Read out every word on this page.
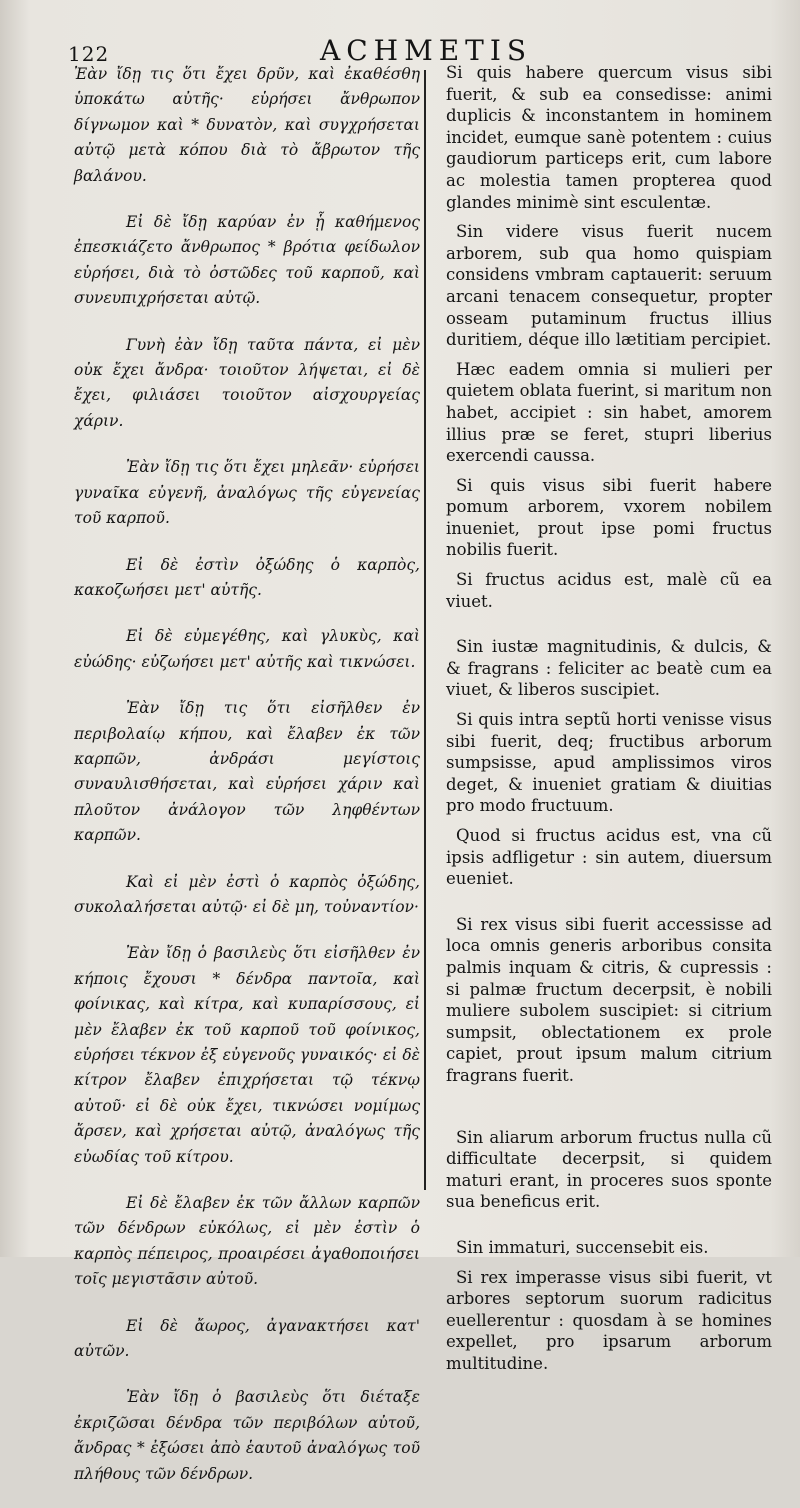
122	ACHMETIS

Ἐὰν ἴδῃ τις ὅτι ἔχει δρῦν, καὶ ἐκαθέσθη ὑποκάτω αὐτῆς· εὑρήσει ἄνθρωπον δίγνωμον καὶ * δυνατὸν, καὶ συγχρήσεται αὐτῷ μετὰ κόπου διὰ τὸ ἄβρωτον τῆς βαλάνου.

Εἰ δὲ ἴδῃ καρύαν ἐν ᾗ καθήμενος ἐπεσκιάζετο ἄνθρωπος * βρότια φείδωλον εὑρήσει, διὰ τὸ ὀστῶδες τοῦ καρποῦ, καὶ συνευπιχρήσεται αὐτῷ.

Γυνὴ ἐὰν ἴδῃ ταῦτα πάντα, εἰ μὲν οὐκ ἔχει ἄνδρα· τοιοῦτον λήψεται, εἰ δὲ ἔχει, φιλιάσει τοιοῦτον αἰσχουργείας χάριν.

Ἐὰν ἴδῃ τις ὅτι ἔχει μηλεᾶν· εὑρήσει γυναῖκα εὐγενῆ, ἀναλόγως τῆς εὐγενείας τοῦ καρποῦ.

Εἰ δὲ ἐστὶν ὀξώδης ὁ καρπὸς, κακοζωήσει μετ' αὐτῆς.

Εἰ δὲ εὐμεγέθης, καὶ γλυκὺς, καὶ εὐώδης· εὐζωήσει μετ' αὐτῆς καὶ τικνώσει.

Ἐὰν ἴδῃ τις ὅτι εἰσῆλθεν ἐν περιβολαίῳ κήπου, καὶ ἔλαβεν ἐκ τῶν καρπῶν, ἀνδράσι μεγίστοις συναυλισθήσεται, καὶ εὑρήσει χάριν καὶ πλοῦτον ἀνάλογον τῶν ληφθέντων καρπῶν.

Καὶ εἰ μὲν ἐστὶ ὁ καρπὸς ὀξώδης, συκολαλήσεται αὐτῷ· εἰ δὲ μη, τοὐναντίον·

Ἐὰν ἴδῃ ὁ βασιλεὺς ὅτι εἰσῆλθεν ἐν κήποις ἔχουσι * δένδρα παντοῖα, καὶ φοίνικας, καὶ κίτρα, καὶ κυπαρίσσους, εἰ μὲν ἔλαβεν ἐκ τοῦ καρποῦ τοῦ φοίνικος, εὑρήσει τέκνον ἐξ εὐγενοῦς γυναικός· εἰ δὲ κίτρον ἔλαβεν ἐπιχρήσεται τῷ τέκνῳ αὐτοῦ· εἰ δὲ οὐκ ἔχει, τικνώσει νομίμως ἄρσεν, καὶ χρήσεται αὐτῷ, ἀναλόγως τῆς εὐωδίας τοῦ κίτρου.

Εἰ δὲ ἔλαβεν ἐκ τῶν ἄλλων καρπῶν τῶν δένδρων εὐκόλως, εἰ μὲν ἐστὶν ὁ καρπὸς πέπειρος, προαιρέσει ἀγαθοποιήσει τοῖς μεγιστᾶσιν αὐτοῦ.

Εἰ δὲ ἄωρος, ἀγανακτήσει κατ' αὐτῶν.

Ἐὰν ἴδῃ ὁ βασιλεὺς ὅτι διέταξε ἐκριζῶσαι δένδρα τῶν περιβόλων αὐτοῦ, ἄνδρας * ἐξώσει ἀπὸ ἑαυτοῦ ἀναλόγως τοῦ πλήθους τῶν δένδρων.

Si quis habere quercum visus sibi fuerit, & sub ea consedisse: animi duplicis & inconstantem in hominem incidet, eumque sanè potentem : cuius gaudiorum particeps erit, cum labore ac molestia tamen propterea quod glandes minimè sint esculentæ.

Sin videre visus fuerit nucem arborem, sub qua homo quispiam considens vmbram captauerit: seruum arcani tenacem consequetur, propter osseam putaminum fructus illius duritiem, déque illo lætitiam percipiet.

Hæc eadem omnia si mulieri per quietem oblata fuerint, si maritum non habet, accipiet : sin habet, amorem illius præ se feret, stupri liberius exercendi caussa.

Si quis visus sibi fuerit habere pomum arborem, vxorem nobilem inueniet, prout ipse pomi fructus nobilis fuerit.

Si fructus acidus est, malè cũ ea viuet.

Sin iustæ magnitudinis, & dulcis, & & fragrans : feliciter ac beatè cum ea viuet, & liberos suscipiet.

Si quis intra septũ horti venisse visus sibi fuerit, deq; fructibus arborum sumpsisse, apud amplissimos viros deget, & inueniet gratiam & diuitias pro modo fructuum.

Quod si fructus acidus est, vna cũ ipsis adfligetur : sin autem, diuersum eueniet.

Si rex visus sibi fuerit accessisse ad loca omnis generis arboribus consita palmis inquam & citris, & cupressis : si palmæ fructum decerpsit, è nobili muliere subolem suscipiet: si citrium sumpsit, oblectationem ex prole capiet, prout ipsum malum citrium fragrans fuerit.

Sin aliarum arborum fructus nulla cũ difficultate decerpsit, si quidem maturi erant, in proceres suos sponte sua beneficus erit.

Sin immaturi, succensebit eis.

Si rex imperasse visus sibi fuerit, vt arbores septorum suorum radicitus euellerentur : quosdam à se homines expellet, pro ipsarum arborum multitudine.
